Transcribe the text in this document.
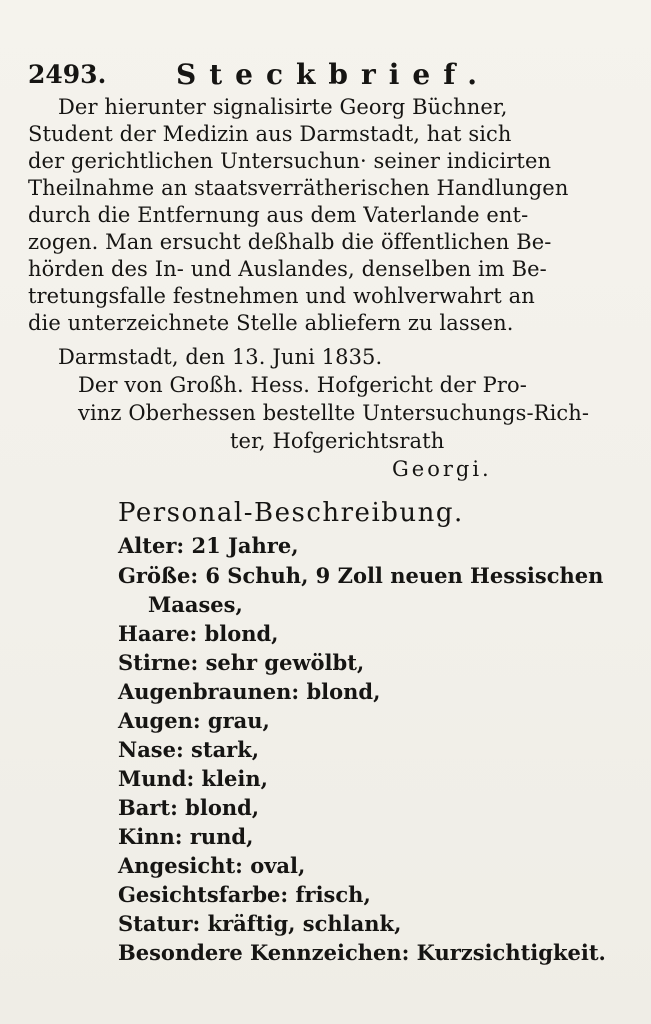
2493. Steckbrief.
Der hierunter signalisirte Georg Büchner,
Student der Medizin aus Darmstadt, hat sich
der gerichtlichen Untersuchun· seiner indicirten
Theilnahme an staatsverrätherischen Handlungen
durch die Entfernung aus dem Vaterlande ent-
zogen. Man ersucht deßhalb die öffentlichen Be-
hörden des In- und Auslandes, denselben im Be-
tretungsfalle festnehmen und wohlverwahrt an
die unterzeichnete Stelle abliefern zu lassen.
Darmstadt, den 13. Juni 1835.
Der von Großh. Hess. Hofgericht der Pro-
vinz Oberhessen bestellte Untersuchungs-Rich-
ter, Hofgerichtsrath
Georgi.
Personal-Beschreibung.
Alter: 21 Jahre,
Größe: 6 Schuh, 9 Zoll neuen Hessischen
Maases,
Haare: blond,
Stirne: sehr gewölbt,
Augenbraunen: blond,
Augen: grau,
Nase: stark,
Mund: klein,
Bart: blond,
Kinn: rund,
Angesicht: oval,
Gesichtsfarbe: frisch,
Statur: kräftig, schlank,
Besondere Kennzeichen: Kurzsichtigkeit.
